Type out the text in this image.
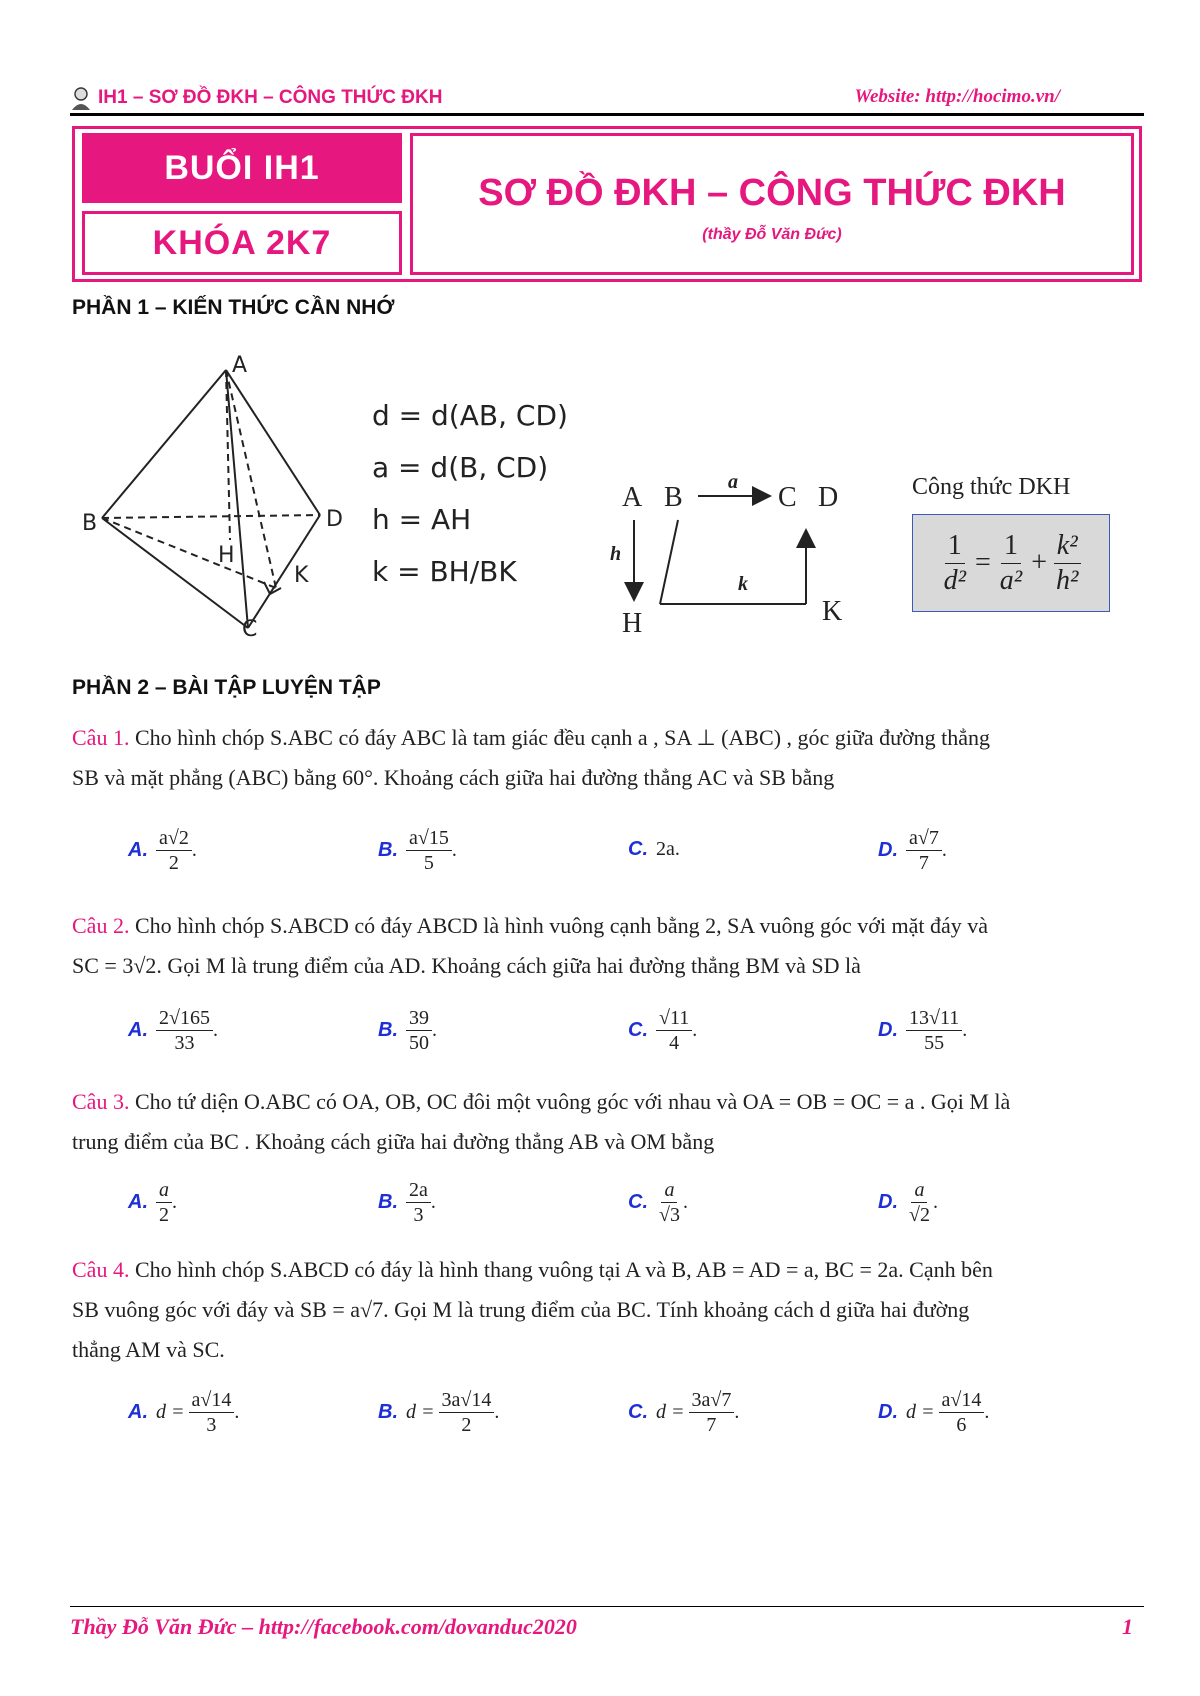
IH1 – SƠ ĐỒ ĐKH – CÔNG THỨC ĐKH	Website: http://hocimo.vn/
BUỔI IH1
KHÓA 2K7
SƠ ĐỒ ĐKH – CÔNG THỨC ĐKH
(thầy Đỗ Văn Đức)
PHẦN 1 – KIẾN THỨC CẦN NHỚ
A
B
C
D
H
K
d = d(AB, CD)
a = d(B, CD)
h = AH
k = BH/BK
A B	C D
H	K
a
h
k
Công thức DKH
$\frac{1}{\text{d²}} = \frac{1}{\text{a²}} + \frac{\text{k²}}{\text{h²}}$
PHẦN 2 – BÀI TẬP LUYỆN TẬP
Câu 1. Cho hình chóp S.ABC có đáy ABC là tam giác đều cạnh a , SA ⊥ (ABC) , góc giữa đường thẳng
SB và mặt phẳng (ABC) bằng 60°. Khoảng cách giữa hai đường thẳng AC và SB bằng
A. $\frac{a√2}{2}$ .	B. $\frac{a√15}{5}$ .	C. 2a.	D. $\frac{a√7}{7}$ .
Câu 2. Cho hình chóp S.ABCD có đáy ABCD là hình vuông cạnh bằng 2, SA vuông góc với mặt đáy và
SC = 3√2. Gọi M là trung điểm của AD. Khoảng cách giữa hai đường thẳng BM và SD là
A. $\frac{2√165}{33}$ .	B. $\frac{39}{50}$ .	C. $\frac{√11}{4}$ .	D. $\frac{13√11}{55}$ .
Câu 3. Cho tứ diện O.ABC có OA, OB, OC đôi một vuông góc với nhau và OA = OB = OC = a . Gọi M là
trung điểm của BC . Khoảng cách giữa hai đường thẳng AB và OM bằng
A. $\frac{a}{2}$ .	B. $\frac{2a}{3}$ .	C. $\frac{a}{√3}$ .	D. $\frac{a}{√2}$ .
Câu 4. Cho hình chóp S.ABCD có đáy là hình thang vuông tại A và B, AB = AD = a, BC = 2a. Cạnh bên
SB vuông góc với đáy và SB = a√7. Gọi M là trung điểm của BC. Tính khoảng cách d giữa hai đường
thẳng AM và SC.
A. $d = \frac{a√14}{3}$ .	B. $d = \frac{3a√14}{2}$ .	C. $d = \frac{3a√7}{7}$ .	D. $d = \frac{a√14}{6}$ .
Thầy Đỗ Văn Đức – http://facebook.com/dovanduc2020	1
